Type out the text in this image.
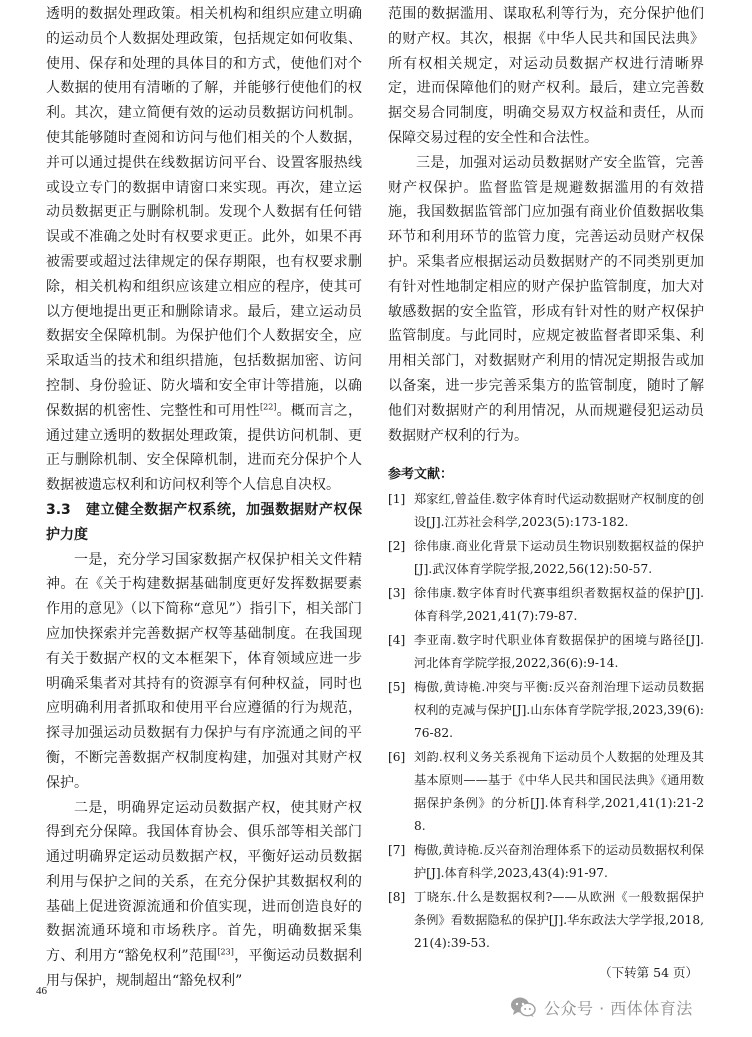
透明的数据处理政策。相关机构和组织应建立明确的运动员个人数据处理政策，包括规定如何收集、使用、保存和处理的具体目的和方式，使他们对个人数据的使用有清晰的了解，并能够行使他们的权利。其次，建立简便有效的运动员数据访问机制。使其能够随时查阅和访问与他们相关的个人数据，并可以通过提供在线数据访问平台、设置客服热线或设立专门的数据申请窗口来实现。再次，建立运动员数据更正与删除机制。发现个人数据有任何错误或不准确之处时有权要求更正。此外，如果不再被需要或超过法律规定的保存期限，也有权要求删除，相关机构和组织应该建立相应的程序，使其可以方便地提出更正和删除请求。最后，建立运动员数据安全保障机制。为保护他们个人数据安全，应采取适当的技术和组织措施，包括数据加密、访问控制、身份验证、防火墙和安全审计等措施，以确保数据的机密性、完整性和可用性[22]。概而言之，通过建立透明的数据处理政策，提供访问机制、更正与删除机制、安全保障机制，进而充分保护个人数据被遗忘权利和访问权利等个人信息自决权。

3.3　建立健全数据产权系统，加强数据财产权保护力度

一是，充分学习国家数据产权保护相关文件精神。在《关于构建数据基础制度更好发挥数据要素作用的意见》（以下简称“意见”）指引下，相关部门应加快探索并完善数据产权等基础制度。在我国现有关于数据产权的文本框架下，体育领域应进一步明确采集者对其持有的资源享有何种权益，同时也应明确利用者抓取和使用平台应遵循的行为规范，探寻加强运动员数据有力保护与有序流通之间的平衡，不断完善数据产权制度构建，加强对其财产权保护。

二是，明确界定运动员数据产权，使其财产权得到充分保障。我国体育协会、俱乐部等相关部门通过明确界定运动员数据产权，平衡好运动员数据利用与保护之间的关系，在充分保护其数据权利的基础上促进资源流通和价值实现，进而创造良好的数据流通环境和市场秩序。首先，明确数据采集方、利用方“豁免权利”范围[23]，平衡运动员数据利用与保护，规制超出“豁免权利”

范围的数据滥用、谋取私利等行为，充分保护他们的财产权。其次，根据《中华人民共和国民法典》所有权相关规定，对运动员数据产权进行清晰界定，进而保障他们的财产权利。最后，建立完善数据交易合同制度，明确交易双方权益和责任，从而保障交易过程的安全性和合法性。

三是，加强对运动员数据财产安全监管，完善财产权保护。监督监管是规避数据滥用的有效措施，我国数据监管部门应加强有商业价值数据收集环节和利用环节的监管力度，完善运动员财产权保护。采集者应根据运动员数据财产的不同类别更加有针对性地制定相应的财产保护监管制度，加大对敏感数据的安全监管，形成有针对性的财产权保护监管制度。与此同时，应规定被监督者即采集、利用相关部门，对数据财产利用的情况定期报告或加以备案，进一步完善采集方的监管制度，随时了解他们对数据财产的利用情况，从而规避侵犯运动员数据财产权利的行为。

参考文献：
[1] 郑家红,曾益佳.数字体育时代运动数据财产权制度的创设[J].江苏社会科学,2023(5):173-182.
[2] 徐伟康.商业化背景下运动员生物识别数据权益的保护[J].武汉体育学院学报,2022,56(12):50-57.
[3] 徐伟康.数字体育时代赛事组织者数据权益的保护[J].体育科学,2021,41(7):79-87.
[4] 李亚南.数字时代职业体育数据保护的困境与路径[J].河北体育学院学报,2022,36(6):9-14.
[5] 梅傲,黄诗桅.冲突与平衡:反兴奋剂治理下运动员数据权利的克减与保护[J].山东体育学院学报,2023,39(6):76-82.
[6] 刘韵.权利义务关系视角下运动员个人数据的处理及其基本原则——基于《中华人民共和国民法典》《通用数据保护条例》的分析[J].体育科学,2021,41(1):21-28.
[7] 梅傲,黄诗桅.反兴奋剂治理体系下的运动员数据权利保护[J].体育科学,2023,43(4):91-97.
[8] 丁晓东.什么是数据权利?——从欧洲《一般数据保护条例》看数据隐私的保护[J].华东政法大学学报,2018,21(4):39-53.
（下转第 54 页）
46
公众号 · 西体体育法
